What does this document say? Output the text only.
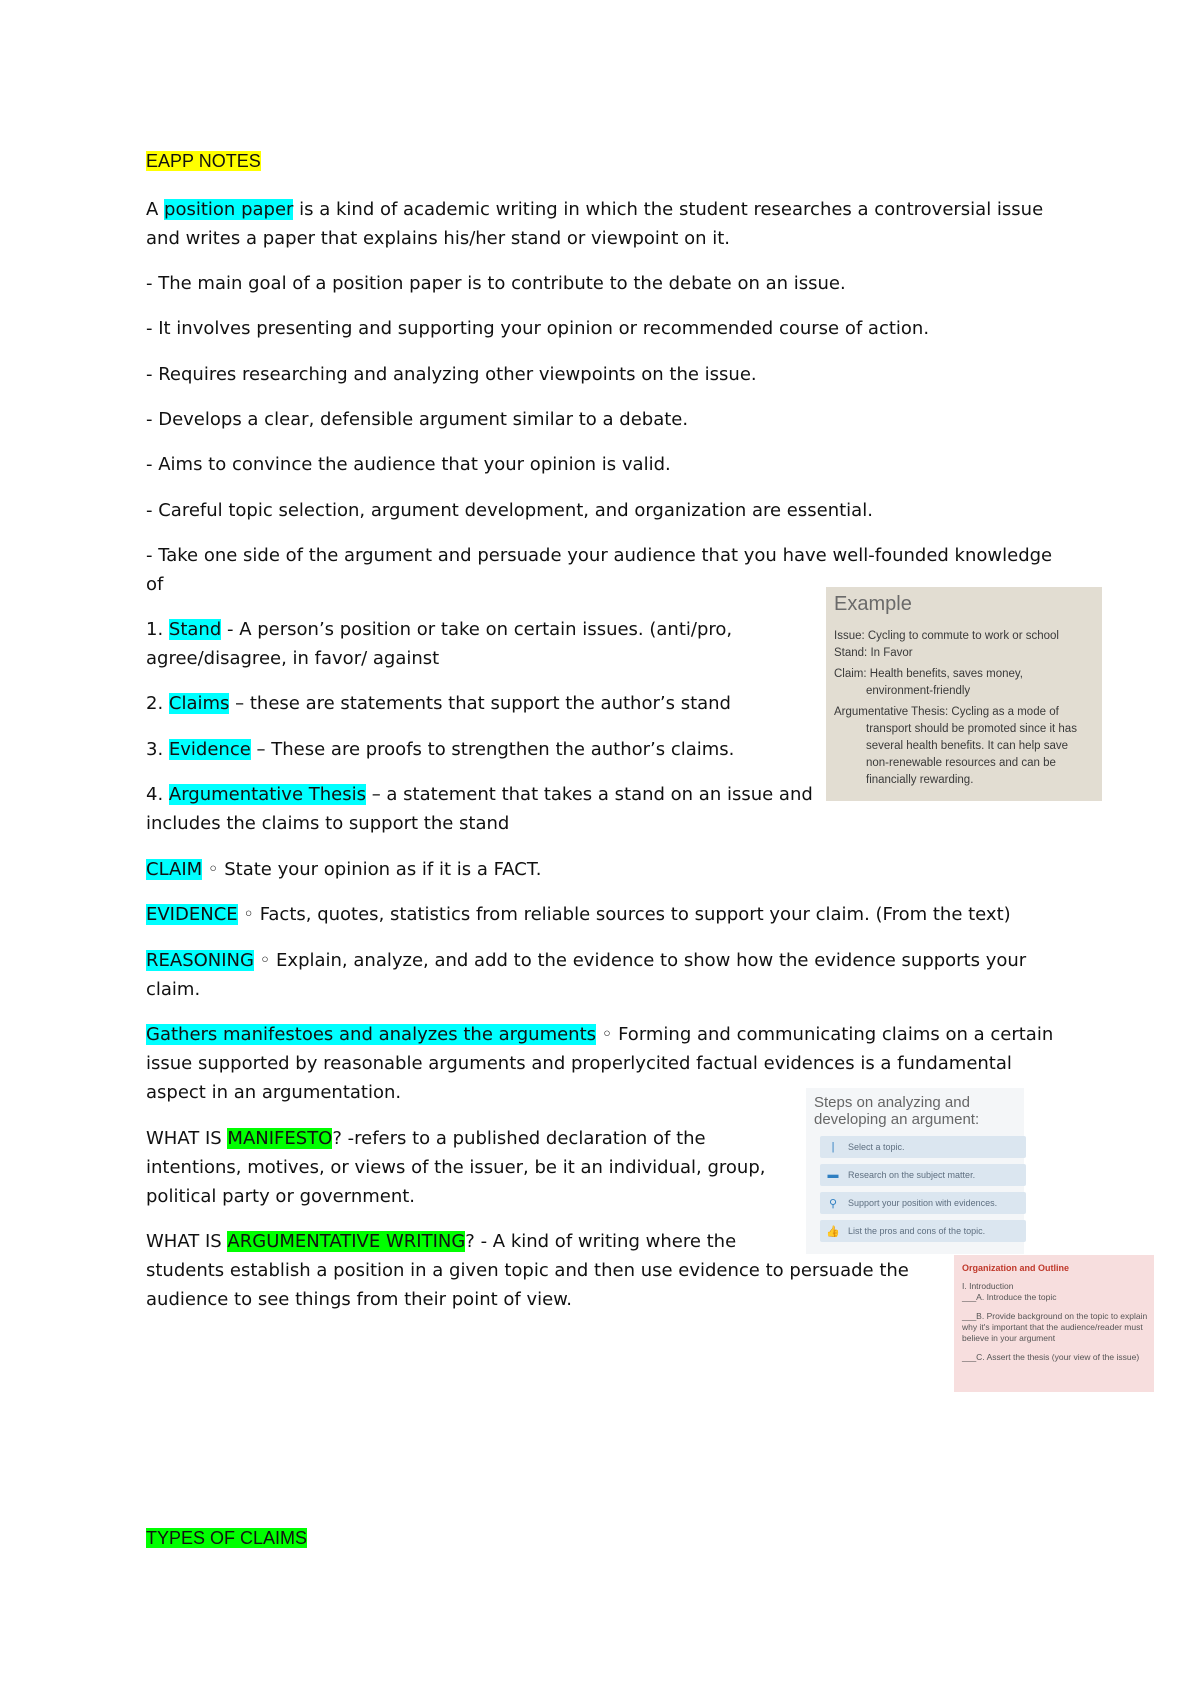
EAPP NOTES
A position paper is a kind of academic writing in which the student researches a controversial issue
and writes a paper that explains his/her stand or viewpoint on it.
- The main goal of a position paper is to contribute to the debate on an issue.
- It involves presenting and supporting your opinion or recommended course of action.
- Requires researching and analyzing other viewpoints on the issue.
- Develops a clear, defensible argument similar to a debate.
- Aims to convince the audience that your opinion is valid.
- Careful topic selection, argument development, and organization are essential.
- Take one side of the argument and persuade your audience that you have well-founded knowledge
of
1. Stand - A person’s position or take on certain issues. (anti/pro,
agree/disagree, in favor/ against
2. Claims – these are statements that support the author’s stand
3. Evidence – These are proofs to strengthen the author’s claims.
4. Argumentative Thesis – a statement that takes a stand on an issue and
includes the claims to support the stand
CLAIM ◦ State your opinion as if it is a FACT.
EVIDENCE ◦ Facts, quotes, statistics from reliable sources to support your claim. (From the text)
REASONING ◦ Explain, analyze, and add to the evidence to show how the evidence supports your
claim.
Gathers manifestoes and analyzes the arguments ◦ Forming and communicating claims on a certain
issue supported by reasonable arguments and properlycited factual evidences is a fundamental
aspect in an argumentation.
WHAT IS MANIFESTO? -refers to a published declaration of the
intentions, motives, or views of the issuer, be it an individual, group,
political party or government.
WHAT IS ARGUMENTATIVE WRITING? - A kind of writing where the
students establish a position in a given topic and then use evidence to persuade the
audience to see things from their point of view.
TYPES OF CLAIMS
Example
Issue: Cycling to commute to work or school
Stand: In Favor
Claim: Health benefits, saves money,
environment-friendly
Argumentative Thesis: Cycling as a mode of
transport should be promoted since it has
several health benefits. It can help save
non-renewable resources and can be
financially rewarding.
Steps on analyzing and
developing an argument:
|	Select a topic.
▬ Research on the subject matter.
⚲	Support your position with evidences.
👍 List the pros and cons of the topic.
Organization and Outline
I. Introduction
___A. Introduce the topic
___B. Provide background on the topic to explain
why it's important that the audience/reader must
believe in your argument
___C. Assert the thesis (your view of the issue)
